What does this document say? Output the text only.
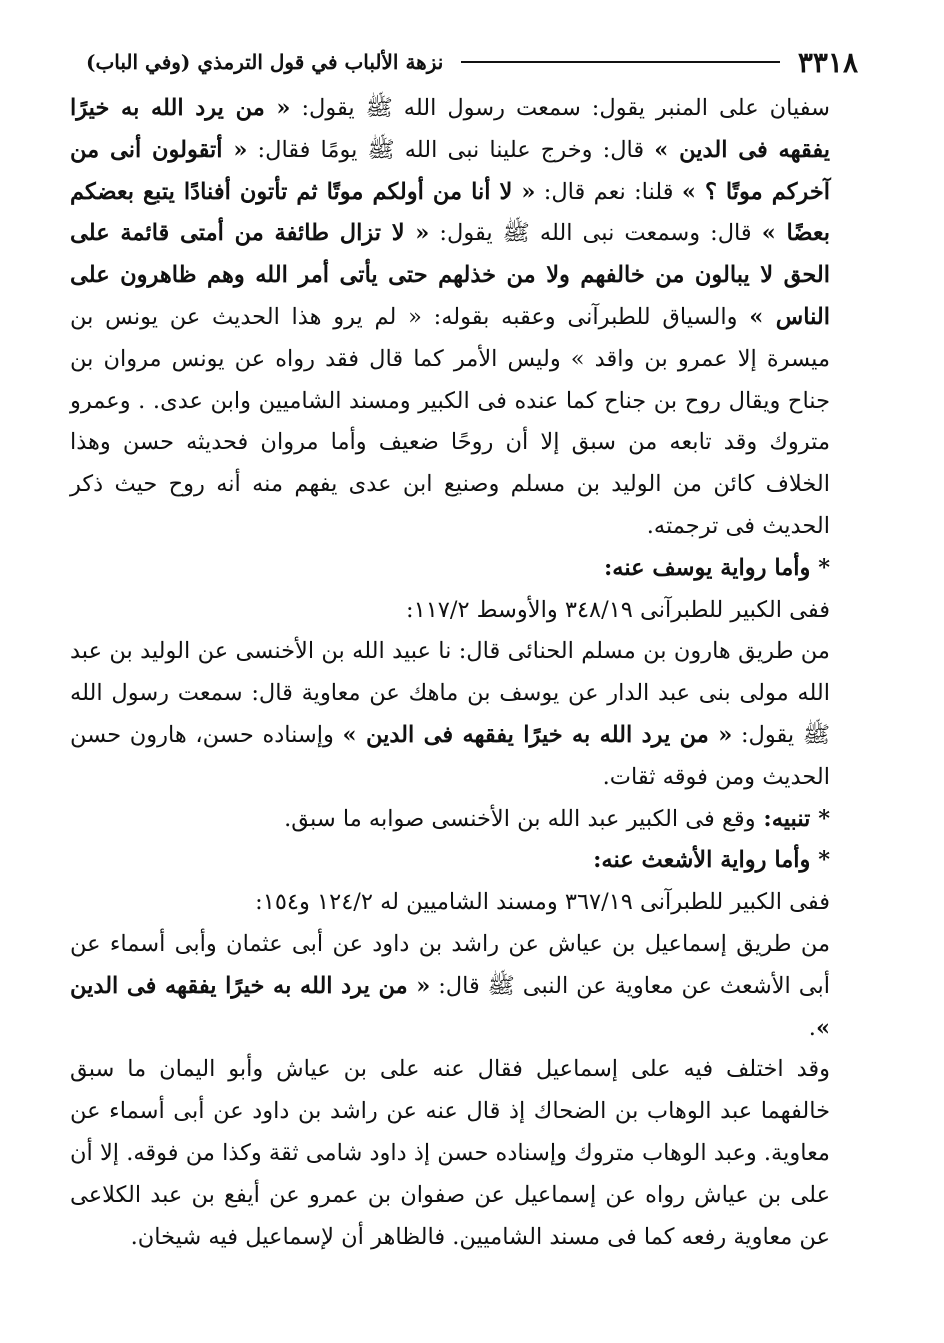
٣٣١٨
نزهة الألباب في قول الترمذي (وفي الباب)

سفيان على المنبر يقول: سمعت رسول الله ﷺ يقول: « من يرد الله به خيرًا يفقهه فى الدين » قال: وخرج علينا نبى الله ﷺ يومًا فقال: « أتقولون أنى من آخركم موتًا ؟ » قلنا: نعم قال: « لا أنا من أولكم موتًا ثم تأتون أفنادًا يتبع بعضكم بعضًا » قال: وسمعت نبى الله ﷺ يقول: « لا تزال طائفة من أمتى قائمة على الحق لا يبالون من خالفهم ولا من خذلهم حتى يأتى أمر الله وهم ظاهرون على الناس » والسياق للطبرآنى وعقبه بقوله: « لم يرو هذا الحديث عن يونس بن ميسرة إلا عمرو بن واقد » وليس الأمر كما قال فقد رواه عن يونس مروان بن جناح ويقال روح بن جناح كما عنده فى الكبير ومسند الشاميين وابن عدى. . وعمرو متروك وقد تابعه من سبق إلا أن روحًا ضعيف وأما مروان فحديثه حسن وهذا الخلاف كائن من الوليد بن مسلم وصنيع ابن عدى يفهم منه أنه روح حيث ذكر الحديث فى ترجمته.

* وأما رواية يوسف عنه:

ففى الكبير للطبرآنى ٣٤٨/١٩ والأوسط ١١٧/٢:

من طريق هارون بن مسلم الحنائى قال: نا عبيد الله بن الأخنسى عن الوليد بن عبد الله مولى بنى عبد الدار عن يوسف بن ماهك عن معاوية قال: سمعت رسول الله ﷺ يقول: « من يرد الله به خيرًا يفقهه فى الدين » وإسناده حسن، هارون حسن الحديث ومن فوقه ثقات.

* تنبيه: وقع فى الكبير عبد الله بن الأخنسى صوابه ما سبق.

* وأما رواية الأشعث عنه:

ففى الكبير للطبرآنى ٣٦٧/١٩ ومسند الشاميين له ١٢٤/٢ و١٥٤:

من طريق إسماعيل بن عياش عن راشد بن داود عن أبى عثمان وأبى أسماء عن أبى الأشعث عن معاوية عن النبى ﷺ قال: « من يرد الله به خيرًا يفقهه فى الدين ».

وقد اختلف فيه على إسماعيل فقال عنه على بن عياش وأبو اليمان ما سبق خالفهما عبد الوهاب بن الضحاك إذ قال عنه عن راشد بن داود عن أبى أسماء عن معاوية. وعبد الوهاب متروك وإسناده حسن إذ داود شامى ثقة وكذا من فوقه. إلا أن على بن عياش رواه عن إسماعيل عن صفوان بن عمرو عن أيفع بن عبد الكلاعى عن معاوية رفعه كما فى مسند الشاميين. فالظاهر أن لإسماعيل فيه شيخان.
